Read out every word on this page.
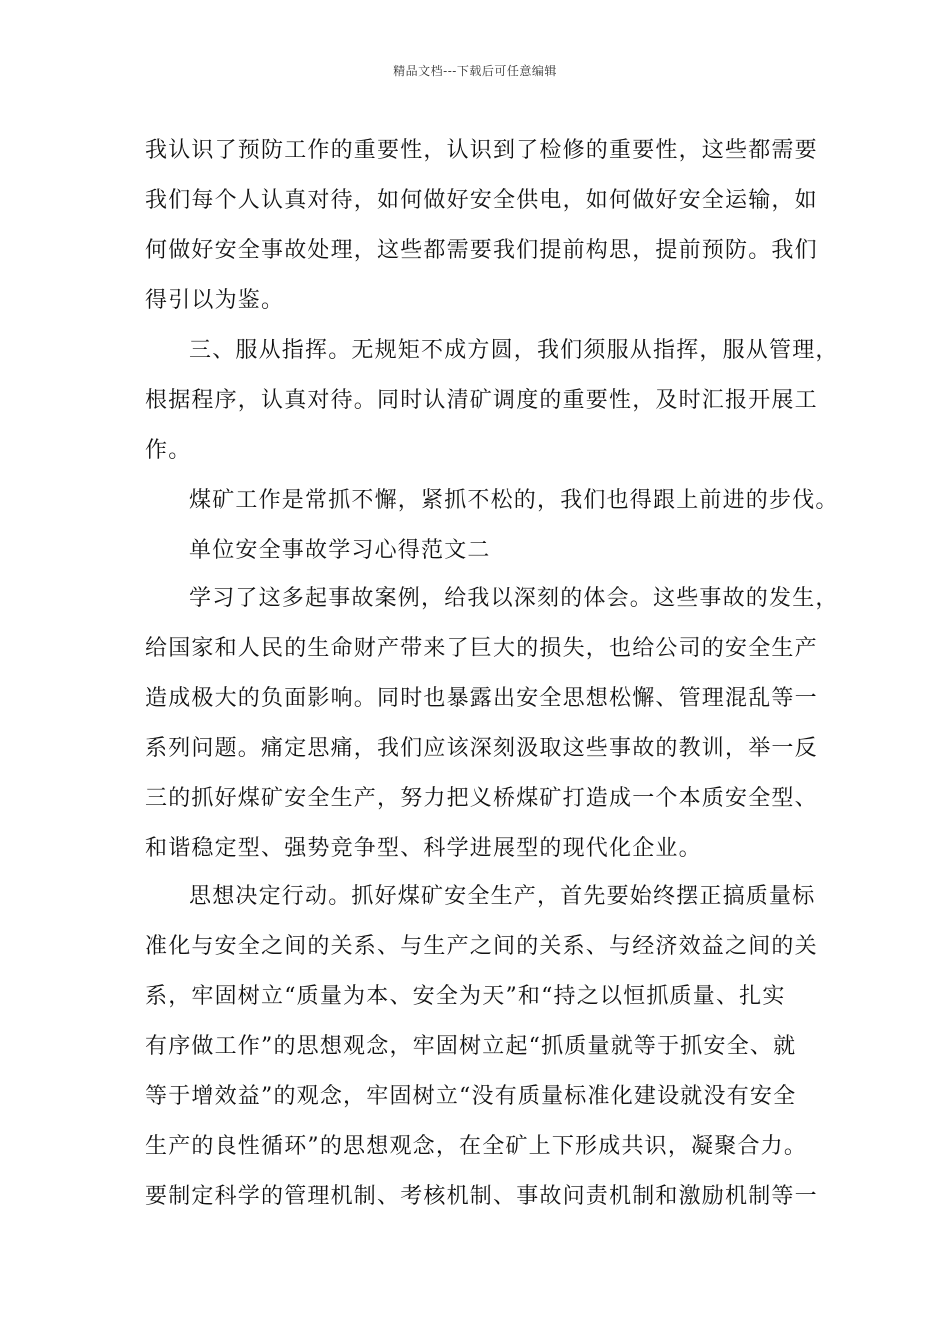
精品文档---下载后可任意编辑
我认识了预防工作的重要性，认识到了检修的重要性，这些都需要
我们每个人认真对待，如何做好安全供电，如何做好安全运输，如
何做好安全事故处理，这些都需要我们提前构思，提前预防。我们
得引以为鉴。
三、服从指挥。无规矩不成方圆，我们须服从指挥，服从管理，
根据程序，认真对待。同时认清矿调度的重要性，及时汇报开展工
作。
煤矿工作是常抓不懈，紧抓不松的，我们也得跟上前进的步伐。
单位安全事故学习心得范文二
学习了这多起事故案例，给我以深刻的体会。这些事故的发生，
给国家和人民的生命财产带来了巨大的损失，也给公司的安全生产
造成极大的负面影响。同时也暴露出安全思想松懈、管理混乱等一
系列问题。痛定思痛，我们应该深刻汲取这些事故的教训，举一反
三的抓好煤矿安全生产，努力把义桥煤矿打造成一个本质安全型、
和谐稳定型、强势竞争型、科学进展型的现代化企业。
思想决定行动。抓好煤矿安全生产，首先要始终摆正搞质量标
准化与安全之间的关系、与生产之间的关系、与经济效益之间的关
系，牢固树立“质量为本、安全为天”和“持之以恒抓质量、扎实
有序做工作”的思想观念，牢固树立起“抓质量就等于抓安全、就
等于增效益”的观念，牢固树立“没有质量标准化建设就没有安全
生产的良性循环”的思想观念，在全矿上下形成共识，凝聚合力。
要制定科学的管理机制、考核机制、事故问责机制和激励机制等一
